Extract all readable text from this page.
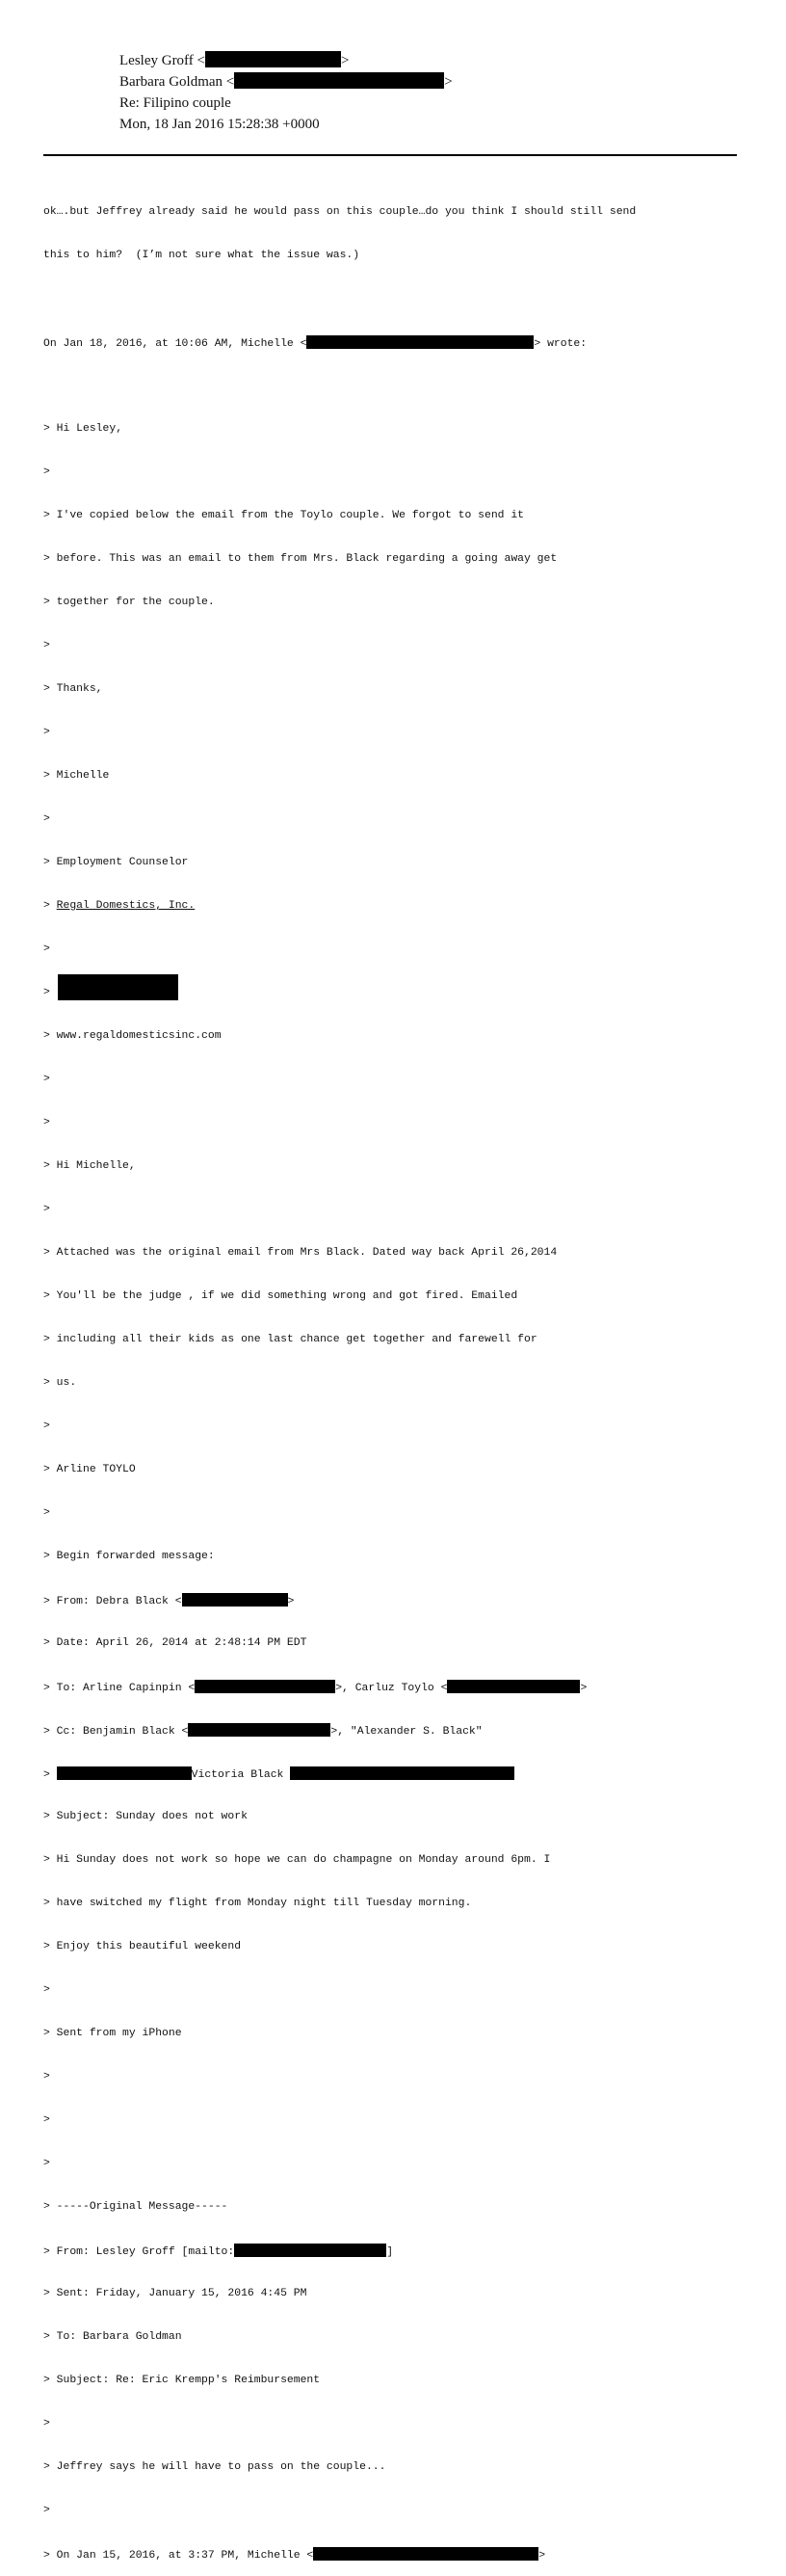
Lesley Groff <	>
Barbara Goldman <	>
Re: Filipino couple
Mon, 18 Jan 2016 15:28:38 +0000

ok….but Jeffrey already said he would pass on this couple…do you think I should still send

this to him?  (I’m not sure what the issue was.)

On Jan 18, 2016, at 10:06 AM, Michelle <	> wrote:

> Hi Lesley,

>

> I've copied below the email from the Toylo couple. We forgot to send it

> before. This was an email to them from Mrs. Black regarding a going away get

> together for the couple.

>

> Thanks,

>

> Michelle

>

> Employment Counselor

> Regal Domestics, Inc.

>

>

> www.regaldomesticsinc.com

>

>

> Hi Michelle,

>

> Attached was the original email from Mrs Black. Dated way back April 26,2014

> You'll be the judge , if we did something wrong and got fired. Emailed

> including all their kids as one last chance get together and farewell for

> us.

>

> Arline TOYLO

>

> Begin forwarded message:

> From: Debra Black <	>

> Date: April 26, 2014 at 2:48:14 PM EDT

> To: Arline Capinpin <	>, Carluz Toylo <	>

> Cc: Benjamin Black <	>, "Alexander S. Black"

>	Victoria Black

> Subject: Sunday does not work

> Hi Sunday does not work so hope we can do champagne on Monday around 6pm. I

> have switched my flight from Monday night till Tuesday morning.

> Enjoy this beautiful weekend

>

> Sent from my iPhone

>

>

>

> -----Original Message-----

> From: Lesley Groff [mailto:	]

> Sent: Friday, January 15, 2016 4:45 PM

> To: Barbara Goldman

> Subject: Re: Eric Krempp's Reimbursement

>

> Jeffrey says he will have to pass on the couple...

>

> On Jan 15, 2016, at 3:37 PM, Michelle <	>
